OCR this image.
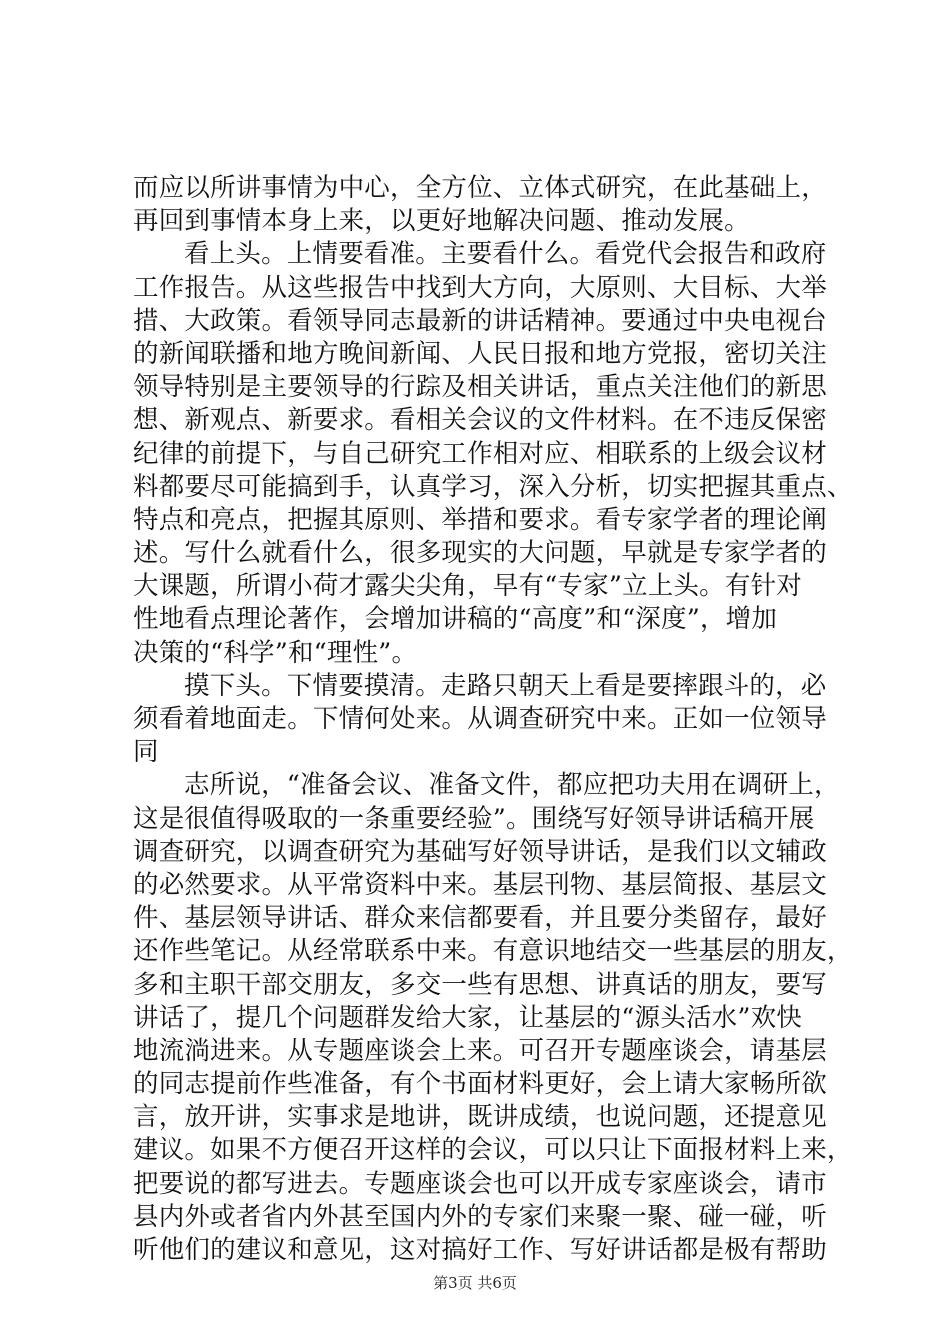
而应以所讲事情为中心，全方位、立体式研究，在此基础上，
再回到事情本身上来，以更好地解决问题、推动发展。
看上头。上情要看准。主要看什么。看党代会报告和政府
工作报告。从这些报告中找到大方向，大原则、大目标、大举
措、大政策。看领导同志最新的讲话精神。要通过中央电视台
的新闻联播和地方晚间新闻、人民日报和地方党报，密切关注
领导特别是主要领导的行踪及相关讲话，重点关注他们的新思
想、新观点、新要求。看相关会议的文件材料。在不违反保密
纪律的前提下，与自己研究工作相对应、相联系的上级会议材
料都要尽可能搞到手，认真学习，深入分析，切实把握其重点、
特点和亮点，把握其原则、举措和要求。看专家学者的理论阐
述。写什么就看什么，很多现实的大问题，早就是专家学者的
大课题，所谓小荷才露尖尖角，早有“专家”立上头。有针对
性地看点理论著作，会增加讲稿的“高度”和“深度”，增加
决策的“科学”和“理性”。
摸下头。下情要摸清。走路只朝天上看是要摔跟斗的，必
须看着地面走。下情何处来。从调查研究中来。正如一位领导
同
志所说，“准备会议、准备文件，都应把功夫用在调研上，
这是很值得吸取的一条重要经验”。围绕写好领导讲话稿开展
调查研究，以调查研究为基础写好领导讲话，是我们以文辅政
的必然要求。从平常资料中来。基层刊物、基层简报、基层文
件、基层领导讲话、群众来信都要看，并且要分类留存，最好
还作些笔记。从经常联系中来。有意识地结交一些基层的朋友，
多和主职干部交朋友，多交一些有思想、讲真话的朋友，要写
讲话了，提几个问题群发给大家，让基层的“源头活水”欢快
地流淌进来。从专题座谈会上来。可召开专题座谈会，请基层
的同志提前作些准备，有个书面材料更好，会上请大家畅所欲
言，放开讲，实事求是地讲，既讲成绩，也说问题，还提意见
建议。如果不方便召开这样的会议，可以只让下面报材料上来，
把要说的都写进去。专题座谈会也可以开成专家座谈会，请市
县内外或者省内外甚至国内外的专家们来聚一聚、碰一碰，听
听他们的建议和意见，这对搞好工作、写好讲话都是极有帮助
第3页 共6页
